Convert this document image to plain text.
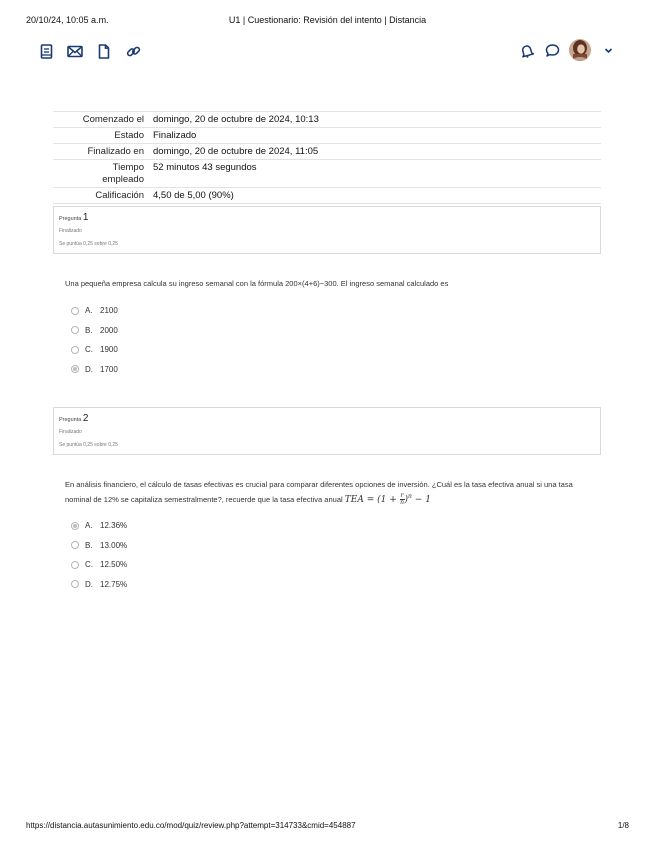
20/10/24, 10:05 a.m.	U1 | Cuestionario: Revisión del intento | Distancia
Comenzado el	domingo, 20 de octubre de 2024, 10:13
Estado	Finalizado
Finalizado en	domingo, 20 de octubre de 2024, 11:05
Tiempo empleado	52 minutos 43 segundos
Calificación	4,50 de 5,00 (90%)
Pregunta 1
Finalizado
Se puntúa 0,25 sobre 0,25
Una pequeña empresa calcula su ingreso semanal con la fórmula 200×(4+6)−300. El ingreso semanal calculado es
A. 2100
B. 2000
C. 1900
D. 1700
Pregunta 2
Finalizado
Se puntúa 0,25 sobre 0,25
En análisis financiero, el cálculo de tasas efectivas es crucial para comparar diferentes opciones de inversión. ¿Cuál es la tasa efectiva anual si una tasa nominal de 12% se capitaliza semestralmente?, recuerde que la tasa efectiva anual TEA = $(1 + \frac{r}{n} )^n - 1$
A. 12.36%
B. 13.00%
C. 12.50%
D. 12.75%
https://distancia.autasunimiento.edu.co/mod/quiz/review.php?attempt=314733&cmid=454887	1/8
